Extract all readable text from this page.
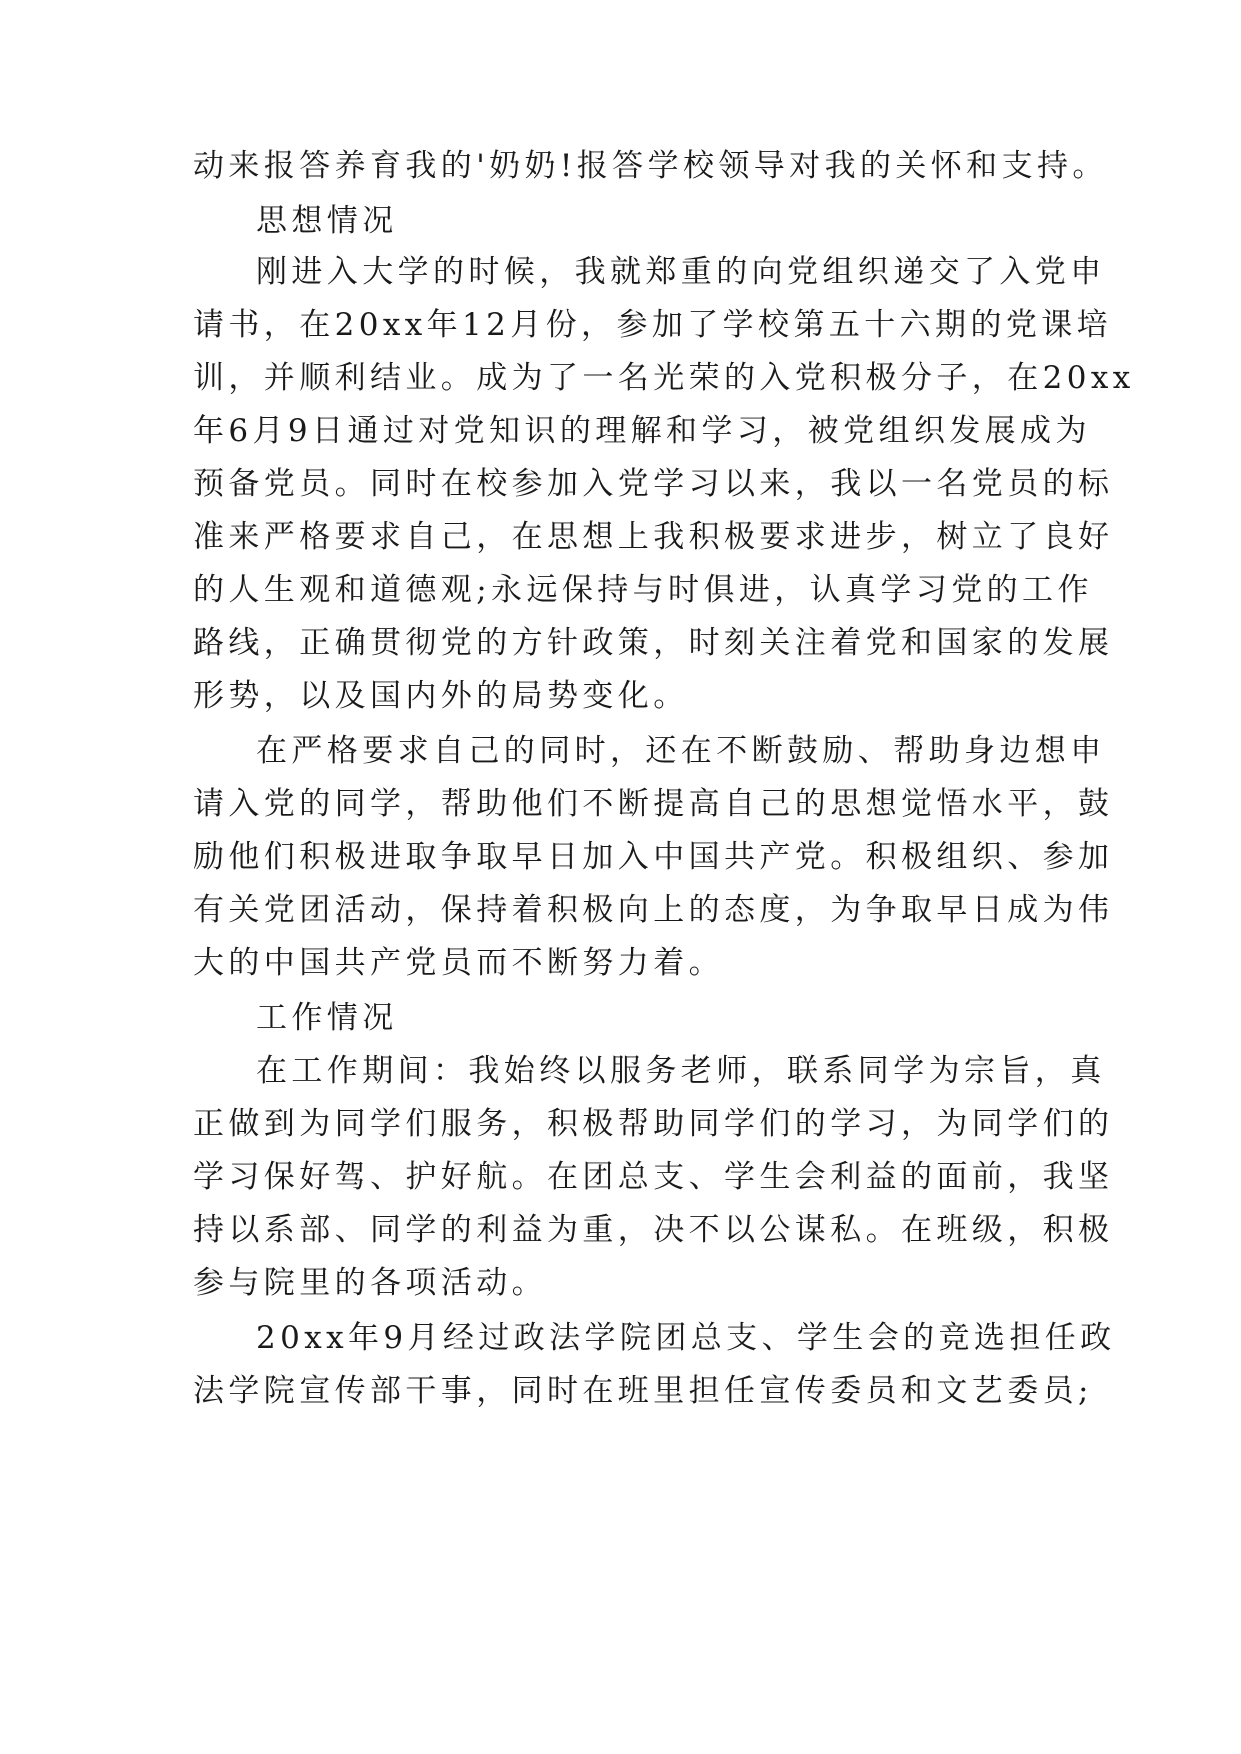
动来报答养育我的'奶奶!报答学校领导对我的关怀和支持。
思想情况
刚进入大学的时候，我就郑重的向党组织递交了入党申
请书，在20xx年12月份，参加了学校第五十六期的党课培
训，并顺利结业。成为了一名光荣的入党积极分子，在20xx
年6月9日通过对党知识的理解和学习，被党组织发展成为
预备党员。同时在校参加入党学习以来，我以一名党员的标
准来严格要求自己，在思想上我积极要求进步，树立了良好
的人生观和道德观;永远保持与时俱进，认真学习党的工作
路线，正确贯彻党的方针政策，时刻关注着党和国家的发展
形势，以及国内外的局势变化。
在严格要求自己的同时，还在不断鼓励、帮助身边想申
请入党的同学，帮助他们不断提高自己的思想觉悟水平，鼓
励他们积极进取争取早日加入中国共产党。积极组织、参加
有关党团活动，保持着积极向上的态度，为争取早日成为伟
大的中国共产党员而不断努力着。
工作情况
在工作期间：我始终以服务老师，联系同学为宗旨，真
正做到为同学们服务，积极帮助同学们的学习，为同学们的
学习保好驾、护好航。在团总支、学生会利益的面前，我坚
持以系部、同学的利益为重，决不以公谋私。在班级，积极
参与院里的各项活动。
20xx年9月经过政法学院团总支、学生会的竞选担任政
法学院宣传部干事，同时在班里担任宣传委员和文艺委员;
